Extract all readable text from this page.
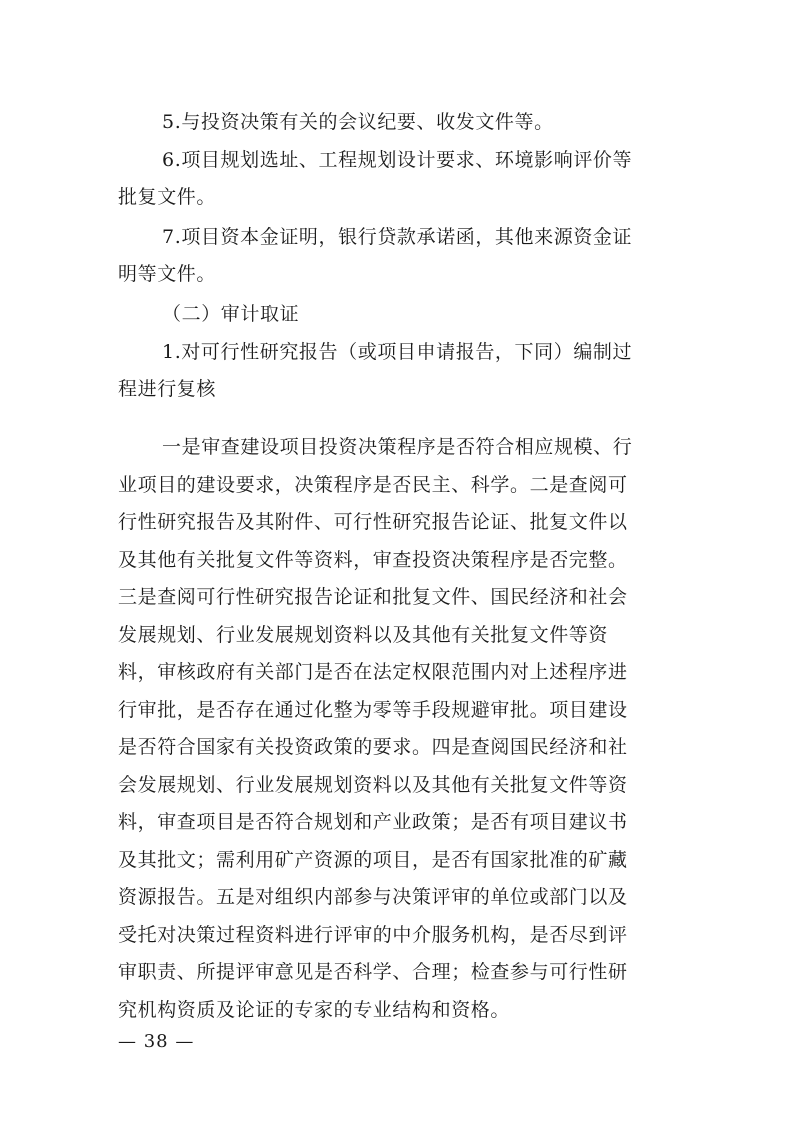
5.与投资决策有关的会议纪要、收发文件等。

6.项目规划选址、工程规划设计要求、环境影响评价等

批复文件。

7.项目资本金证明，银行贷款承诺函，其他来源资金证

明等文件。

（二）审计取证

1.对可行性研究报告（或项目申请报告，下同）编制过

程进行复核

一是审查建设项目投资决策程序是否符合相应规模、行

业项目的建设要求，决策程序是否民主、科学。二是查阅可

行性研究报告及其附件、可行性研究报告论证、批复文件以

及其他有关批复文件等资料，审查投资决策程序是否完整。

三是查阅可行性研究报告论证和批复文件、国民经济和社会

发展规划、行业发展规划资料以及其他有关批复文件等资

料，审核政府有关部门是否在法定权限范围内对上述程序进

行审批，是否存在通过化整为零等手段规避审批。项目建设

是否符合国家有关投资政策的要求。四是查阅国民经济和社

会发展规划、行业发展规划资料以及其他有关批复文件等资

料，审查项目是否符合规划和产业政策；是否有项目建议书

及其批文；需利用矿产资源的项目，是否有国家批准的矿藏

资源报告。五是对组织内部参与决策评审的单位或部门以及

受托对决策过程资料进行评审的中介服务机构，是否尽到评

审职责、所提评审意见是否科学、合理；检查参与可行性研

究机构资质及论证的专家的专业结构和资格。

— 38 —
